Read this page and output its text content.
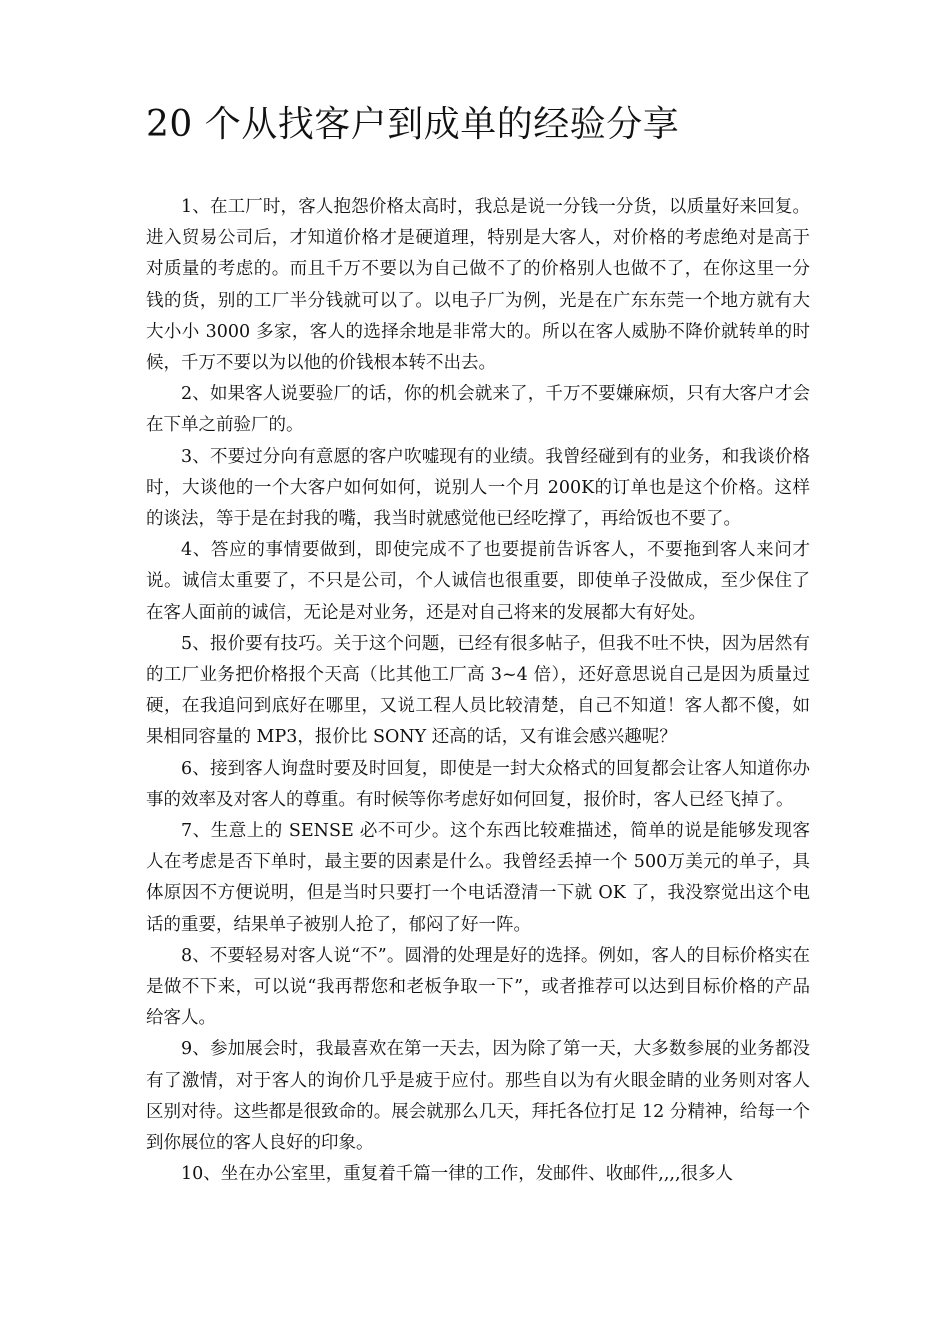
20 个从找客户到成单的经验分享

1、在工厂时，客人抱怨价格太高时，我总是说一分钱一分货，以质量好来回复。进入贸易公司后，才知道价格才是硬道理，特别是大客人，对价格的考虑绝对是高于对质量的考虑的。而且千万不要以为自己做不了的价格别人也做不了，在你这里一分钱的货，别的工厂半分钱就可以了。以电子厂为例，光是在广东东莞一个地方就有大大小小 3000 多家，客人的选择余地是非常大的。所以在客人威胁不降价就转单的时候，千万不要以为以他的价钱根本转不出去。

2、如果客人说要验厂的话，你的机会就来了，千万不要嫌麻烦，只有大客户才会在下单之前验厂的。

3、不要过分向有意愿的客户吹嘘现有的业绩。我曾经碰到有的业务，和我谈价格时，大谈他的一个大客户如何如何，说别人一个月 200K的订单也是这个价格。这样的谈法，等于是在封我的嘴，我当时就感觉他已经吃撑了，再给饭也不要了。

4、答应的事情要做到，即使完成不了也要提前告诉客人，不要拖到客人来问才说。诚信太重要了，不只是公司，个人诚信也很重要，即使单子没做成，至少保住了在客人面前的诚信，无论是对业务，还是对自己将来的发展都大有好处。

5、报价要有技巧。关于这个问题，已经有很多帖子，但我不吐不快，因为居然有的工厂业务把价格报个天高（比其他工厂高 3~4 倍），还好意思说自己是因为质量过硬，在我追问到底好在哪里，又说工程人员比较清楚，自己不知道！客人都不傻，如果相同容量的 MP3，报价比 SONY 还高的话，又有谁会感兴趣呢？

6、接到客人询盘时要及时回复，即使是一封大众格式的回复都会让客人知道你办事的效率及对客人的尊重。有时候等你考虑好如何回复，报价时，客人已经飞掉了。

7、生意上的 SENSE 必不可少。这个东西比较难描述，简单的说是能够发现客人在考虑是否下单时，最主要的因素是什么。我曾经丢掉一个 500万美元的单子，具体原因不方便说明，但是当时只要打一个电话澄清一下就 OK 了，我没察觉出这个电话的重要，结果单子被别人抢了，郁闷了好一阵。

8、不要轻易对客人说“不”。圆滑的处理是好的选择。例如，客人的目标价格实在是做不下来，可以说“我再帮您和老板争取一下”，或者推荐可以达到目标价格的产品给客人。

9、参加展会时，我最喜欢在第一天去，因为除了第一天，大多数参展的业务都没有了激情，对于客人的询价几乎是疲于应付。那些自以为有火眼金睛的业务则对客人区别对待。这些都是很致命的。展会就那么几天，拜托各位打足 12 分精神，给每一个到你展位的客人良好的印象。

10、坐在办公室里，重复着千篇一律的工作，发邮件、收邮件,,,,很多人
